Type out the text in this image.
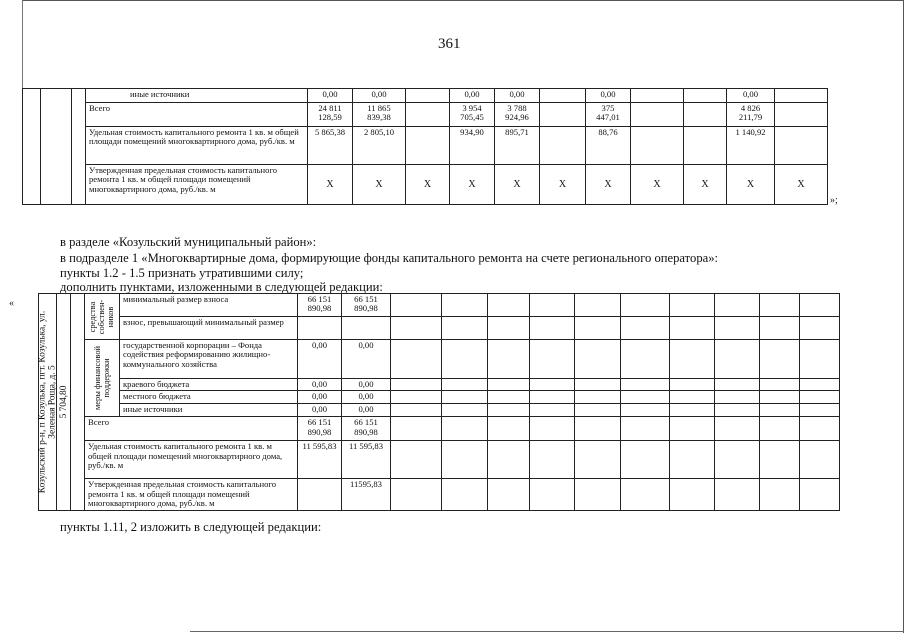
361
			иные источники	0,00	0,00		0,00	0,00		0,00			0,00	
			Всего	24 811 128,59	11 865 839,38		3 954 705,45	3 788 924,96		375 447,01			4 826 211,79	
			Удельная стоимость капитального ремонта 1 кв. м общей площади помещений многоквартирного дома, руб./кв. м	5 865,38	2 805,10		934,90	895,71		88,76			1 140,92	
			Утвержденная предельная стоимость капитального ремонта 1 кв. м общей площади помещений многоквартирного дома, руб./кв. м	X	X	X	X	X	X	X	X	X	X	X
»;
в разделе «Козульский муниципальный район»:
в подразделе 1 «Многоквартирные дома, формирующие фонды капитального ремонта на счете регионального оператора»:
пункты 1.2 - 1.5 признать утратившими силу;
дополнить пунктами, изложенными в следующей редакции:
«
Козульский р-н, п Козулька, пгт. Козулька, ул. Зеленая Роща, д. 5	5 704,80		средства собствен-ников	минимальный размер взноса	66 151 890,98	66 151 890,98										
				взнос, превышающий минимальный размер												

			меры финансовой поддержки	государственной корпорации – Фонда содействия реформированию жилищно-коммунального хозяйства	0,00	0,00										
				краевого бюджета	0,00	0,00										
				местного бюджета	0,00	0,00										
				иные источники	0,00	0,00										
			Всего		66 151 890,98	66 151 890,98										
			Удельная стоимость капитального ремонта 1 кв. м общей площади помещений многоквартирного дома, руб./кв. м		11 595,83	11 595,83										
			Утвержденная предельная стоимость капитального ремонта 1 кв. м общей площади помещений многоквартирного дома, руб./кв. м			11595,83										
пункты 1.11, 2 изложить в следующей редакции:
